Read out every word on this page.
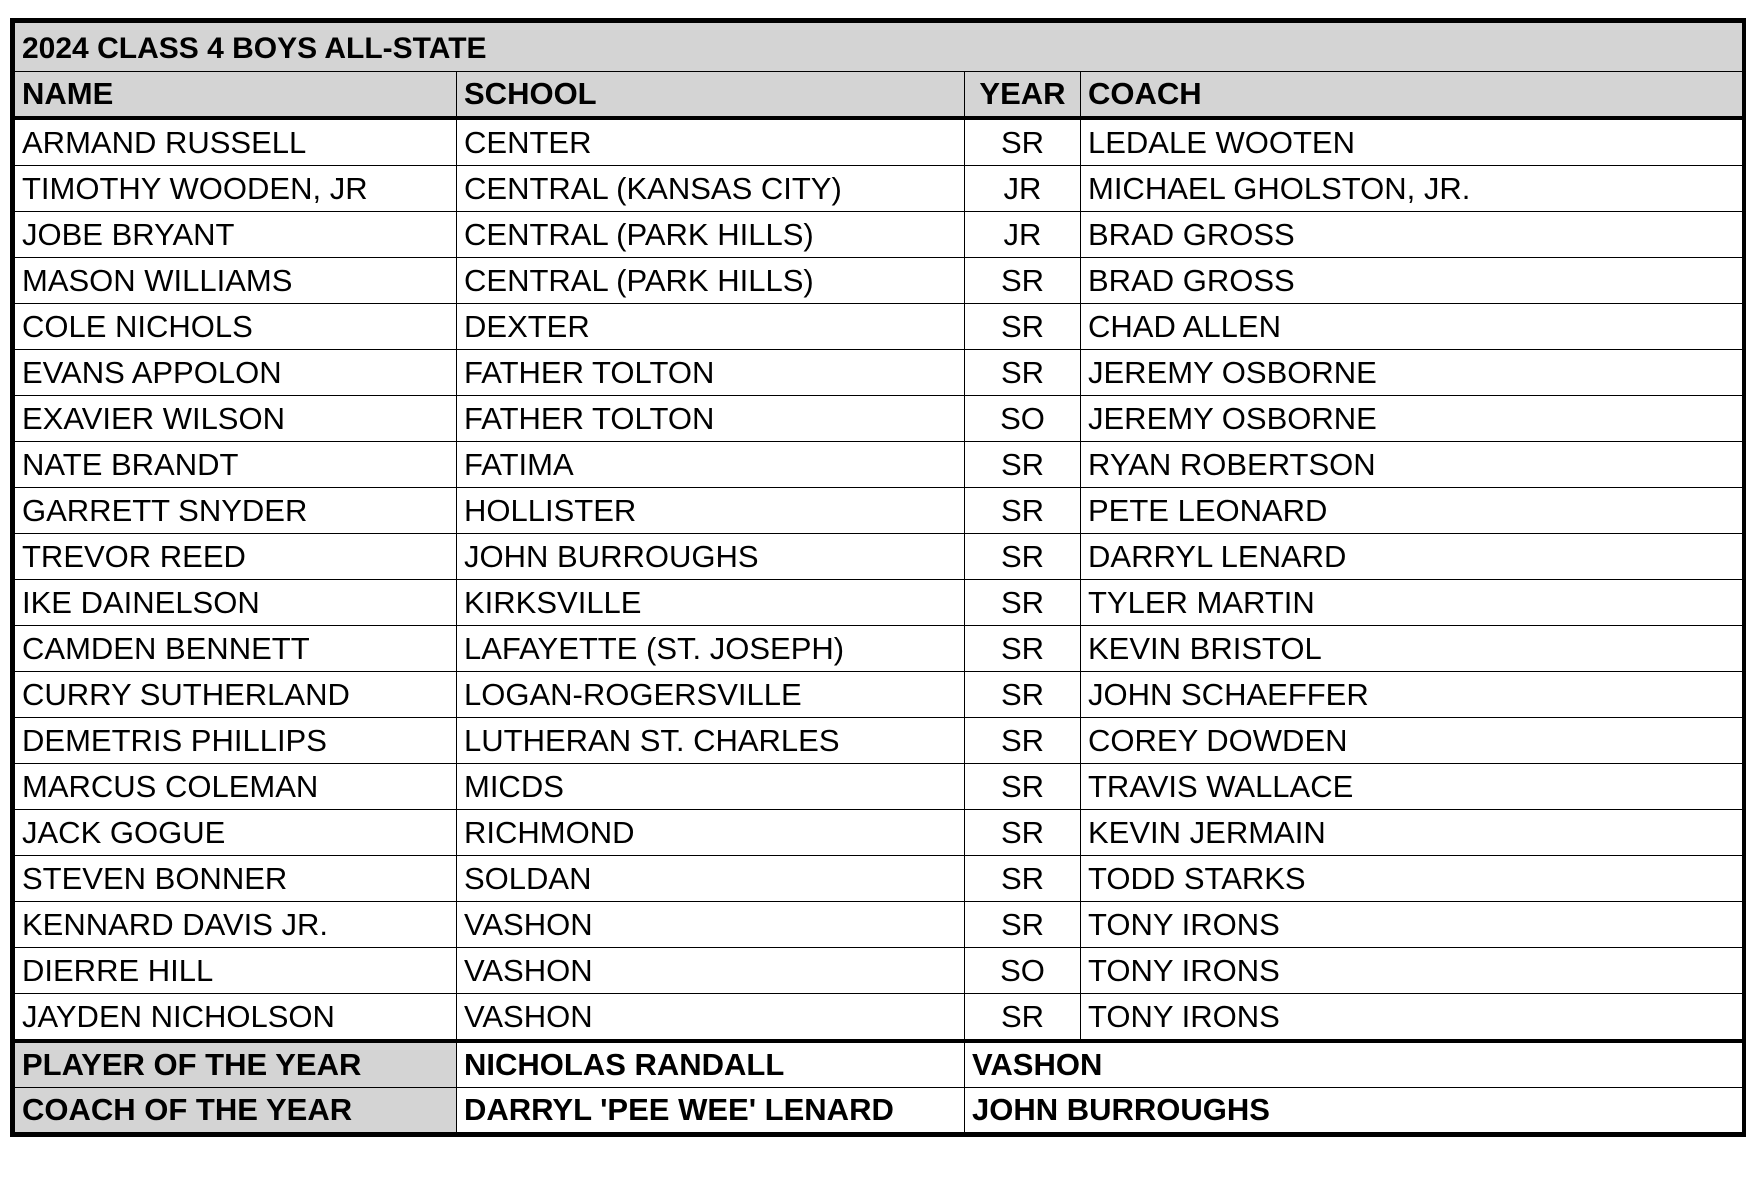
2024 CLASS 4 BOYS ALL-STATE			
NAME	SCHOOL	YEAR	COACH
ARMAND RUSSELL	CENTER	SR	LEDALE WOOTEN
TIMOTHY WOODEN, JR	CENTRAL (KANSAS CITY)	JR	MICHAEL GHOLSTON, JR.
JOBE BRYANT	CENTRAL (PARK HILLS)	JR	BRAD GROSS
MASON WILLIAMS	CENTRAL (PARK HILLS)	SR	BRAD GROSS
COLE NICHOLS	DEXTER	SR	CHAD ALLEN
EVANS APPOLON	FATHER TOLTON	SR	JEREMY OSBORNE
EXAVIER WILSON	FATHER TOLTON	SO	JEREMY OSBORNE
NATE BRANDT	FATIMA	SR	RYAN ROBERTSON
GARRETT SNYDER	HOLLISTER	SR	PETE LEONARD
TREVOR REED	JOHN BURROUGHS	SR	DARRYL LENARD
IKE DAINELSON	KIRKSVILLE	SR	TYLER MARTIN
CAMDEN BENNETT	LAFAYETTE (ST. JOSEPH)	SR	KEVIN BRISTOL
CURRY SUTHERLAND	LOGAN-ROGERSVILLE	SR	JOHN SCHAEFFER
DEMETRIS PHILLIPS	LUTHERAN ST. CHARLES	SR	COREY DOWDEN
MARCUS COLEMAN	MICDS	SR	TRAVIS WALLACE
JACK GOGUE	RICHMOND	SR	KEVIN JERMAIN
STEVEN BONNER	SOLDAN	SR	TODD STARKS
KENNARD DAVIS JR.	VASHON	SR	TONY IRONS
DIERRE HILL	VASHON	SO	TONY IRONS
JAYDEN NICHOLSON	VASHON	SR	TONY IRONS
PLAYER OF THE YEAR	NICHOLAS RANDALL	VASHON	
COACH OF THE YEAR	DARRYL 'PEE WEE' LENARD	JOHN BURROUGHS	
